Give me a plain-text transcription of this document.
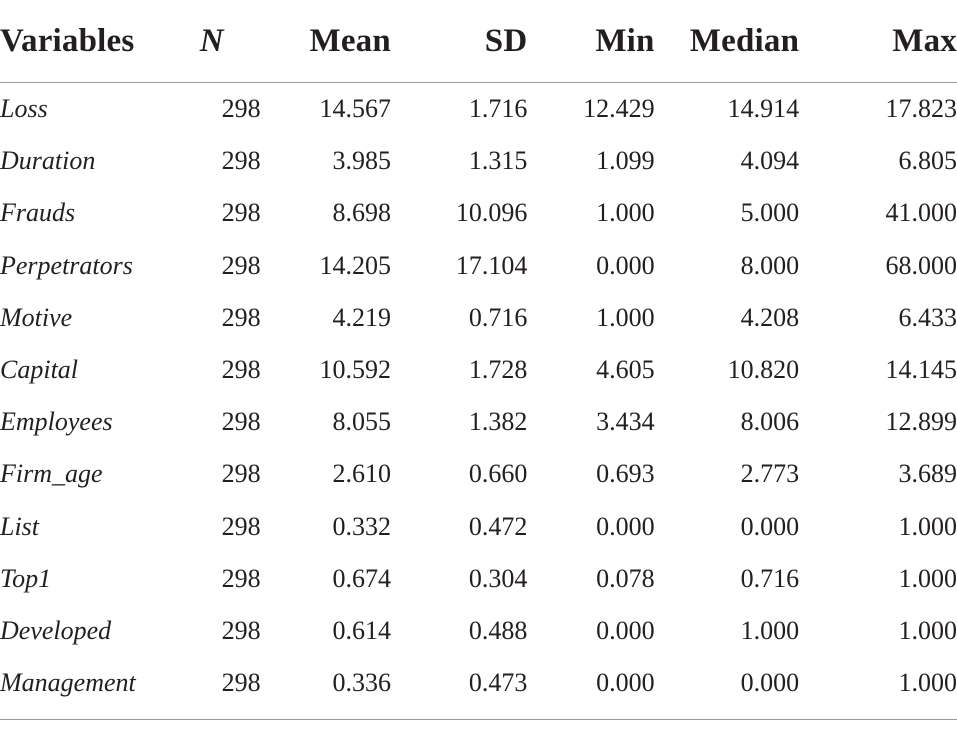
Variables	N	Mean	SD	Min	Median	Max
Loss	298	14.567	1.716	12.429	14.914	17.823
Duration	298	3.985	1.315	1.099	4.094	6.805
Frauds	298	8.698	10.096	1.000	5.000	41.000
Perpetrators	298	14.205	17.104	0.000	8.000	68.000
Motive	298	4.219	0.716	1.000	4.208	6.433
Capital	298	10.592	1.728	4.605	10.820	14.145
Employees	298	8.055	1.382	3.434	8.006	12.899
Firm_age	298	2.610	0.660	0.693	2.773	3.689
List	298	0.332	0.472	0.000	0.000	1.000
Top1	298	0.674	0.304	0.078	0.716	1.000
Developed	298	0.614	0.488	0.000	1.000	1.000
Management	298	0.336	0.473	0.000	0.000	1.000
